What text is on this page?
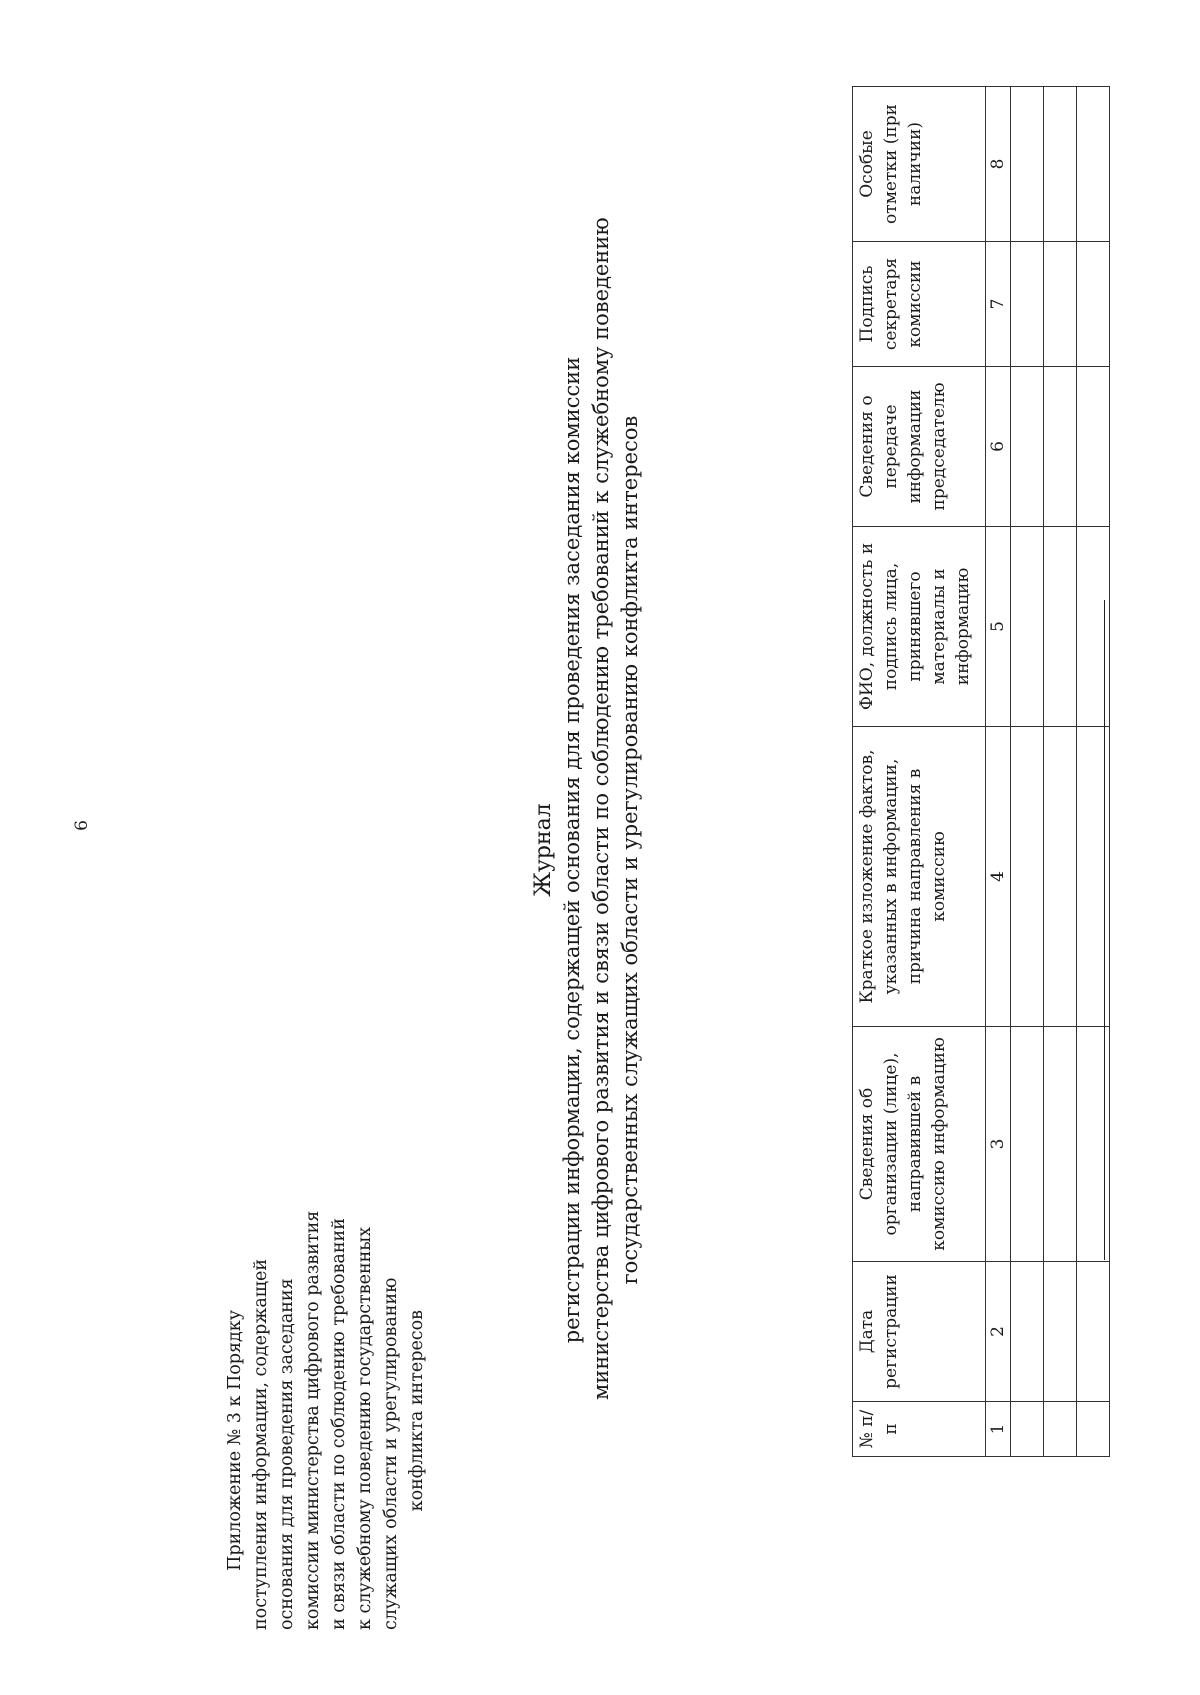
6
Приложение № 3 к Порядку поступления информации, содержащей основания для проведения заседания комиссии министерства цифрового развития и связи области по соблюдению требований к служебному поведению государственных служащих области и урегулированию конфликта интересов
Журнал регистрации информации, содержащей основания для проведения заседания комиссии министерства цифрового развития и связи области по соблюдению требований к служебному поведению государственных служащих области и урегулированию конфликта интересов
№ п/п	Дата регистрации	Сведения об организации (лице), направившей в комиссию информацию	Краткое изложение фактов, указанных в информации, причина направления в комиссию	ФИО, должность и подпись лица, принявшего материалы и информацию	Сведения о передаче информации председателю	Подпись секретаря комиссии	Особые отметки (при наличии)
1	2	3	4	5	6	7	8
